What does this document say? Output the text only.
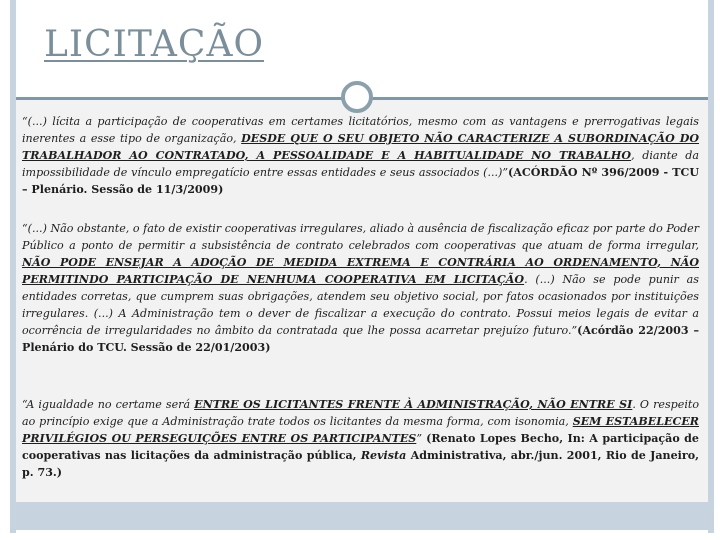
LICITAÇÃO

“(...) lícita a participação de cooperativas em certames licitatórios, mesmo com as vantagens e prerrogativas legais inerentes a esse tipo de organização, DESDE QUE O SEU OBJETO NÃO CARACTERIZE A SUBORDINAÇÃO DO TRABALHADOR AO CONTRATADO, A PESSOALIDADE E A HABITUALIDADE NO TRABALHO, diante da impossibilidade de vínculo empregatício entre essas entidades e seus associados (...)”(ACÓRDÃO Nº 396/2009 - TCU – Plenário. Sessão de 11/3/2009)

“(...) Não obstante, o fato de existir cooperativas irregulares, aliado à ausência de fiscalização eficaz por parte do Poder Público a ponto de permitir a subsistência de contrato celebrados com cooperativas que atuam de forma irregular, NÃO PODE ENSEJAR A ADOÇÃO DE MEDIDA EXTREMA E CONTRÁRIA AO ORDENAMENTO, NÃO PERMITINDO PARTICIPAÇÃO DE NENHUMA COOPERATIVA EM LICITAÇÃO. (...) Não se pode punir as entidades corretas, que cumprem suas obrigações, atendem seu objetivo social, por fatos ocasionados por instituições irregulares. (...) A Administração tem o dever de fiscalizar a execução do contrato. Possui meios legais de evitar a ocorrência de irregularidades no âmbito da contratada que lhe possa acarretar prejuízo futuro.”(Acórdão 22/2003 – Plenário do TCU. Sessão de 22/01/2003)

“A igualdade no certame será ENTRE OS LICITANTES FRENTE À ADMINISTRAÇÃO, NÃO ENTRE SI. O respeito ao princípio exige que a Administração trate todos os licitantes da mesma forma, com isonomia, SEM ESTABELECER PRIVILÉGIOS OU PERSEGUIÇÕES ENTRE OS PARTICIPANTES” (Renato Lopes Becho, In: A participação de cooperativas nas licitações da administração pública, Revista Administrativa, abr./jun. 2001, Rio de Janeiro, p. 73.)
